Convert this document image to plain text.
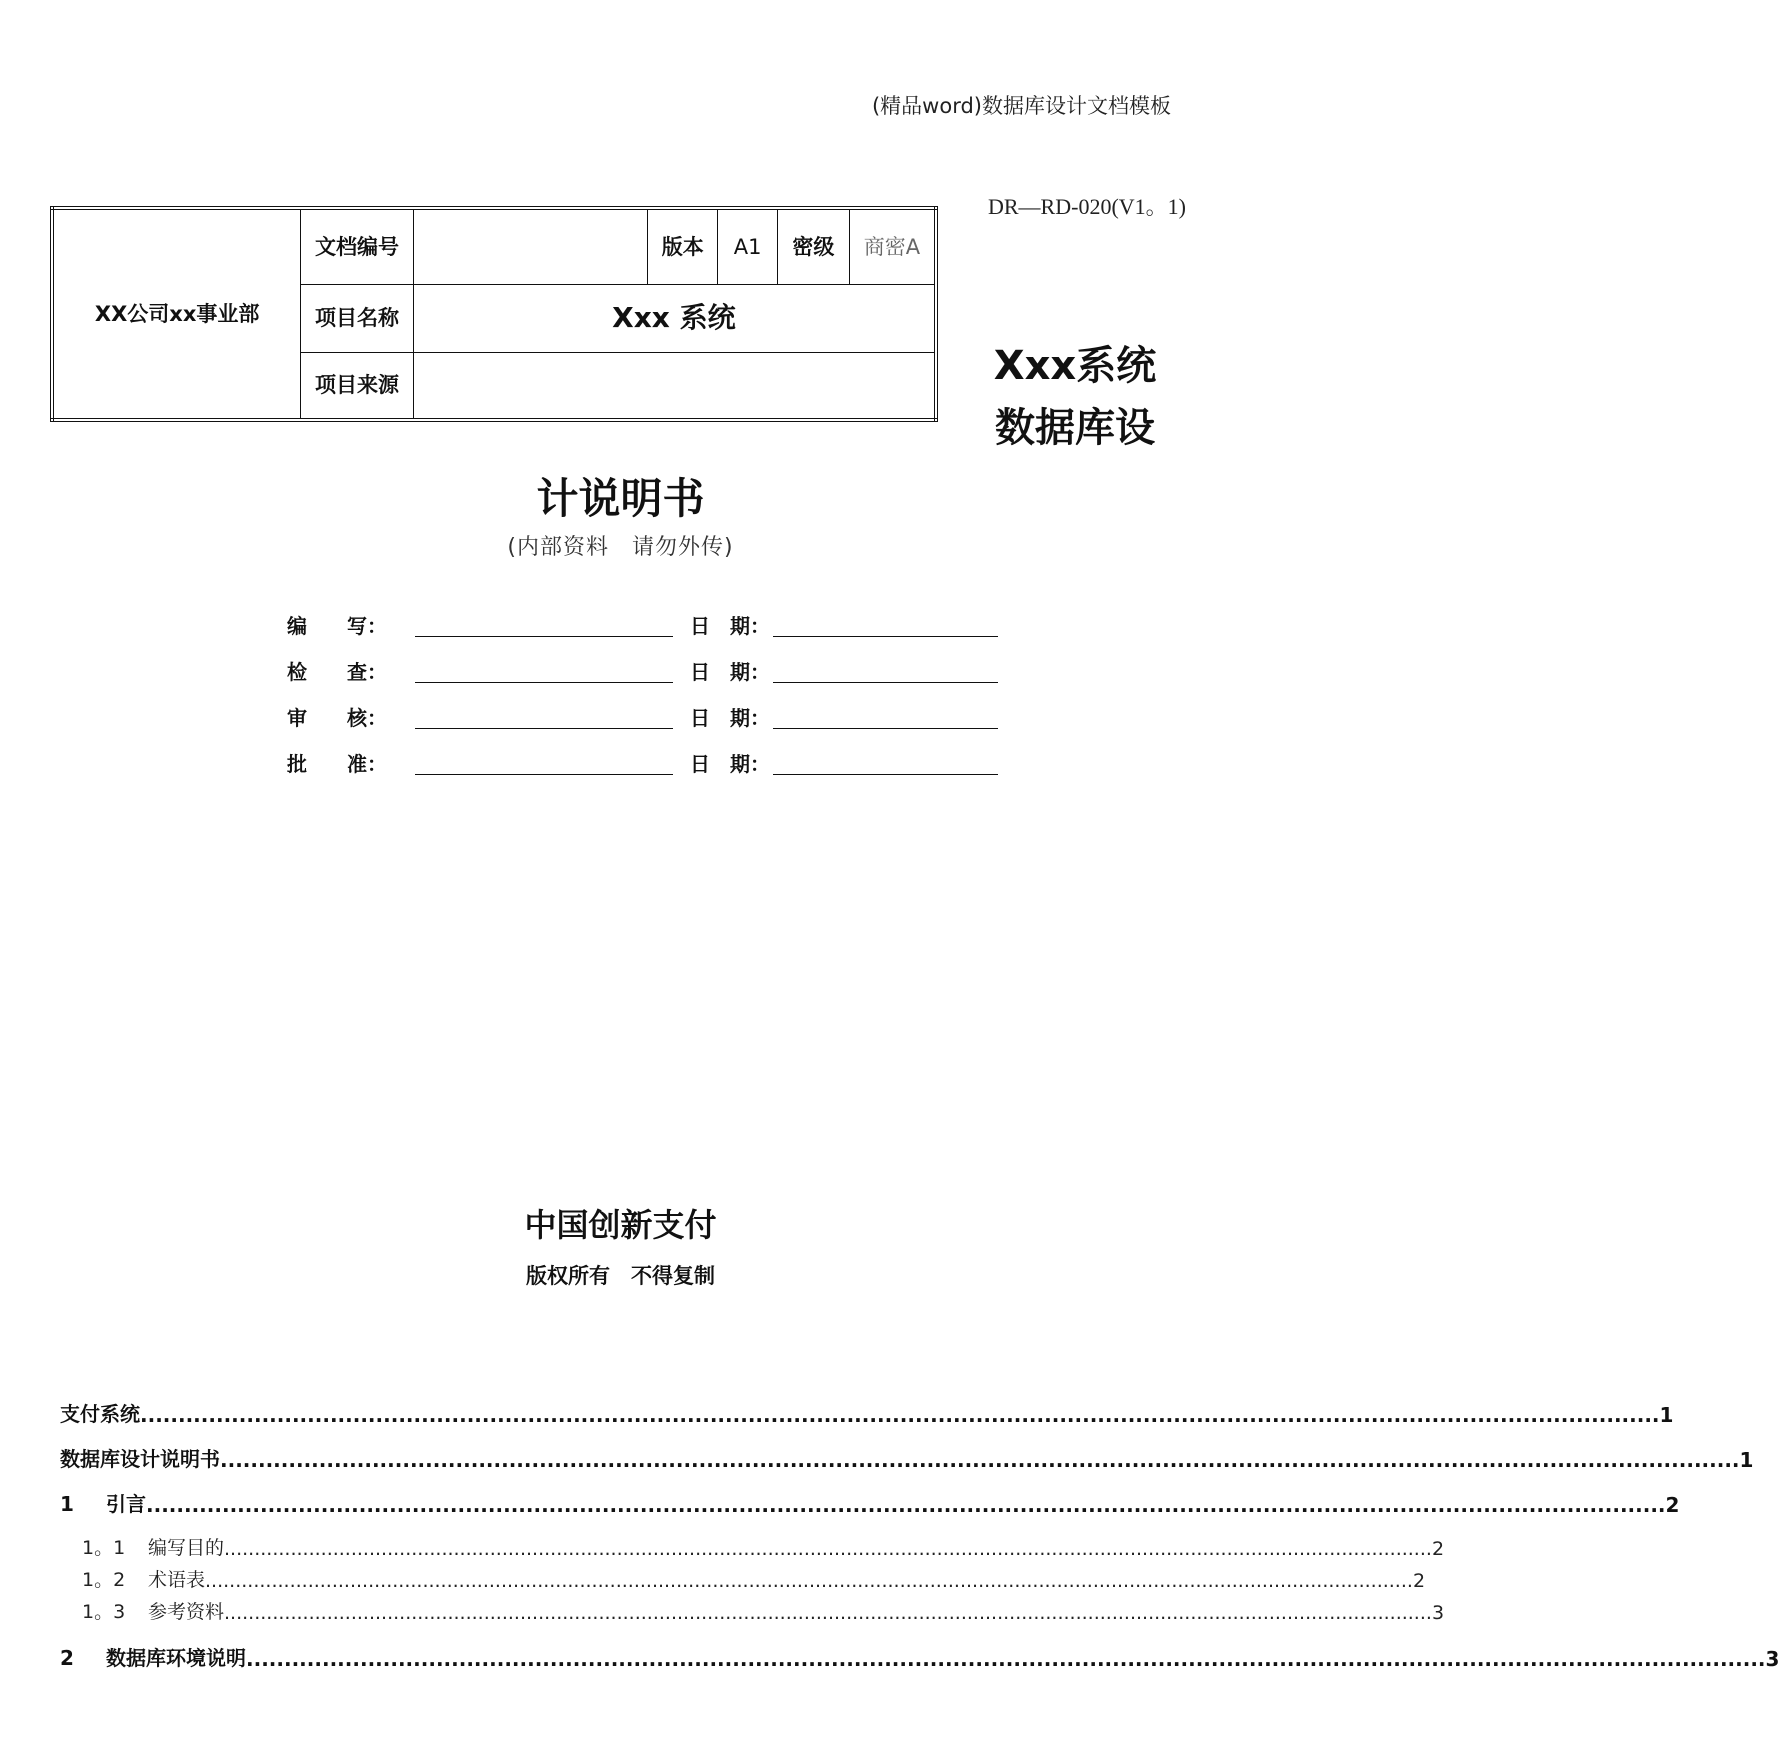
(精品word)数据库设计文档模板
DR—RD-020(V1。1)
XX公司xx事业部	文档编号		版本	A1	密级	商密A
	项目名称	Xxx 系统				
	项目来源						Xxx系统
数据库设
计说明书
(内部资料　请勿外传)
编　　写：	日　期：
检　　查：	日　期：
审　　核：	日　期：
批　　准：	日　期：
中国创新支付
版权所有　不得复制
支付系统 ........................................................................................................................................................................................................ 1
数据库设计说明书 ........................................................................................................................................................................................................ 1
1 引言 ........................................................................................................................................................................................................ 2
1。1 编写目的 ........................................................................................................................................................................................................ 2
1。2 术语表 ........................................................................................................................................................................................................ 2
1。3 参考资料 ........................................................................................................................................................................................................ 3
2 数据库环境说明 ........................................................................................................................................................................................................ 3
